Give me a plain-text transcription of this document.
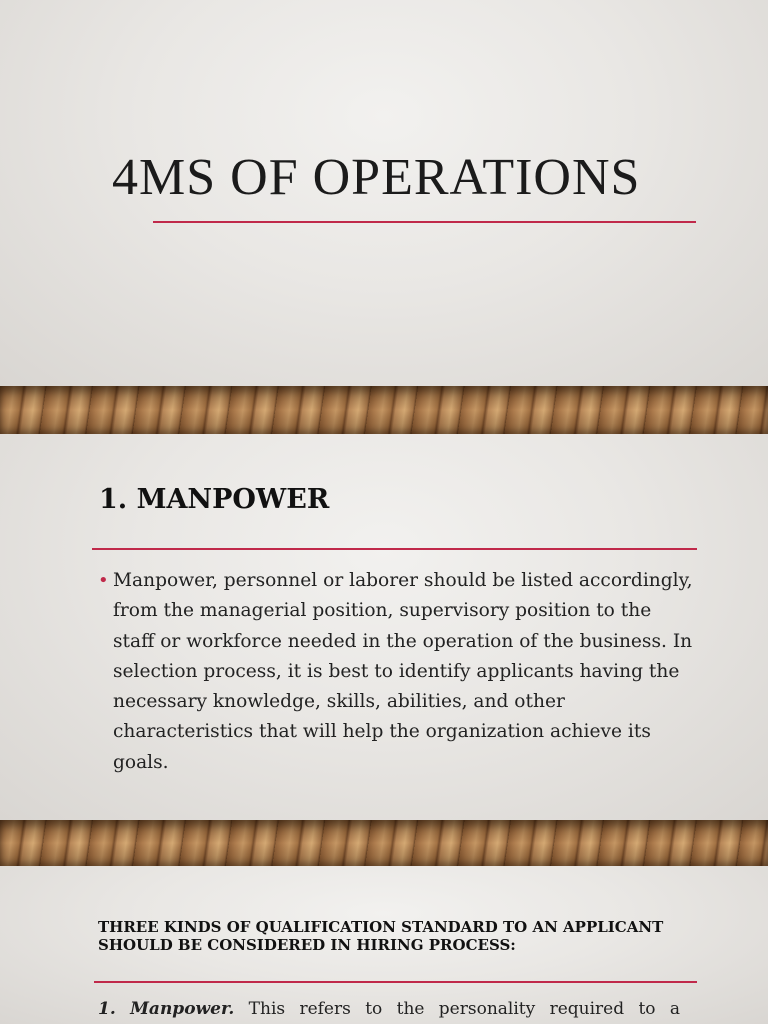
4MS OF OPERATIONS
1. MANPOWER
• Manpower, personnel or laborer should be listed accordingly, from the managerial position, supervisory position to the staff or workforce needed in the operation of the business. In selection process, it is best to identify applicants having the necessary knowledge, skills, abilities, and other characteristics that will help the organization achieve its goals.
THREE KINDS OF QUALIFICATION STANDARD TO AN APPLICANT
SHOULD BE CONSIDERED IN HIRING PROCESS:

1. Manpower. This refers to the personality required to a
